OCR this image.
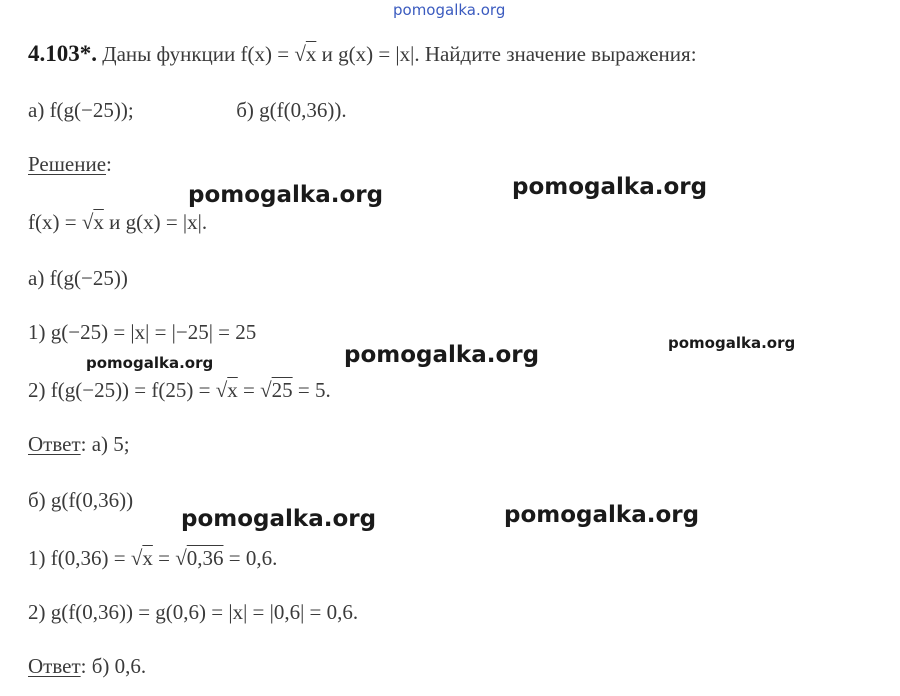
pomogalka.org
4.103*. Даны функции f(x) = √x и g(x) = |x|. Найдите значение выражения:
а) f(g(−25));	б) g(f(0,36)).
Решение:
f(x) = √x и g(x) = |x|.
а) f(g(−25))
1) g(−25) = |x| = |−25| = 25
2) f(g(−25)) = f(25) = √x = √25 = 5.
Ответ: а) 5;
б) g(f(0,36))
1) f(0,36) = √x = √0,36 = 0,6.
2) g(f(0,36)) = g(0,6) = |x| = |0,6| = 0,6.
Ответ: б) 0,6.
pomogalka.org	pomogalka.org
pomogalka.org	pomogalka.org	pomogalka.org
pomogalka.org	pomogalka.org
